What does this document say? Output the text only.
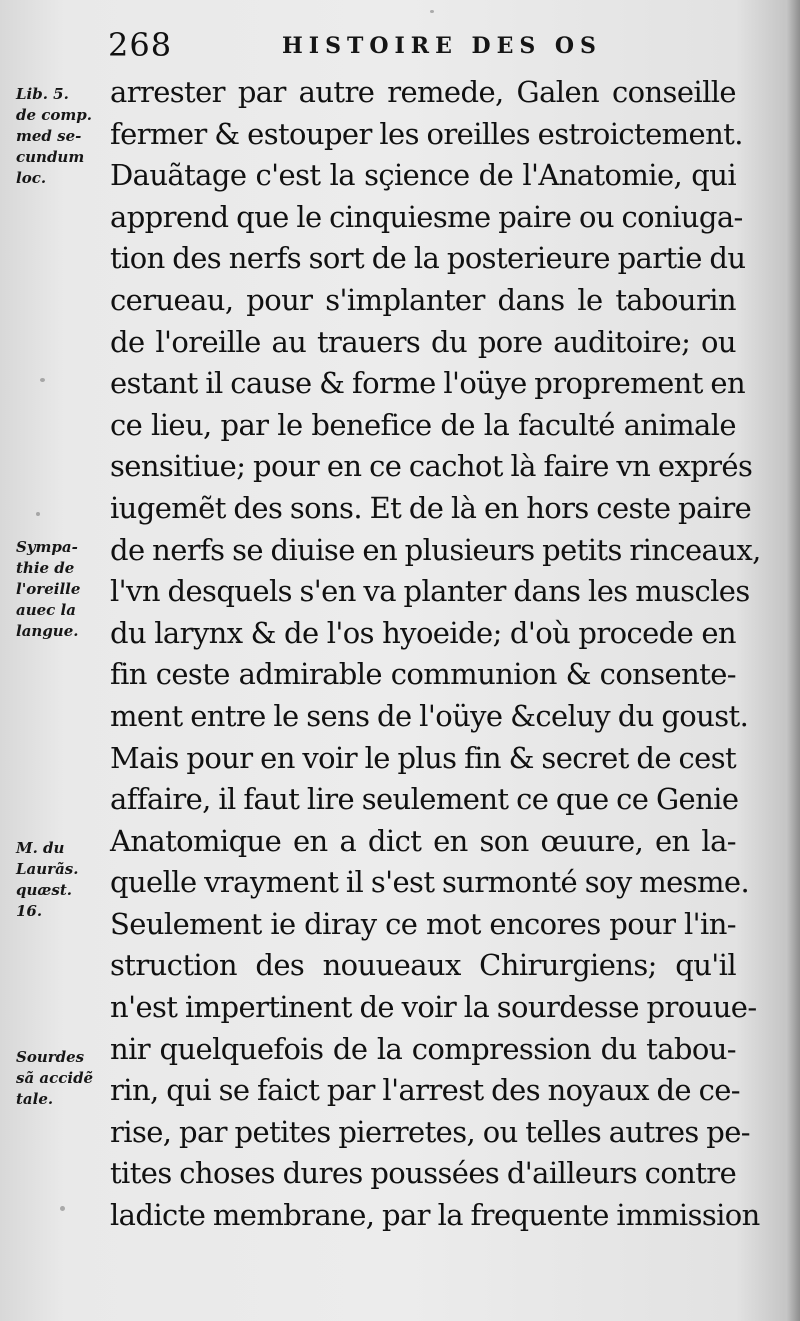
268	HISTOIRE DES OS
arrester par autre remede, Galen conseille
fermer & estouper les oreilles estroictement.
Dauãtage c'est la sçience de l'Anatomie, qui
apprend que le cinquiesme paire ou coniuga-
tion des nerfs sort de la posterieure partie du
cerueau, pour s'implanter dans le tabourin
de l'oreille au trauers du pore auditoire; ou
estant il cause & forme l'oüye proprement en
ce lieu, par le benefice de la faculté animale
sensitiue; pour en ce cachot là faire vn exprés
iugemẽt des sons. Et de là en hors ceste paire
de nerfs se diuise en plusieurs petits rinceaux,
l'vn desquels s'en va planter dans les muscles
du larynx & de l'os hyoeide; d'où procede en
fin ceste admirable communion & consente-
ment entre le sens de l'oüye &celuy du goust.
Mais pour en voir le plus fin & secret de cest
affaire, il faut lire seulement ce que ce Genie
Anatomique en a dict en son œuure, en la-
quelle vrayment il s'est surmonté soy mesme.
Seulement ie diray ce mot encores pour l'in-
struction des nouueaux Chirurgiens; qu'il
n'est impertinent de voir la sourdesse prouue-
nir quelquefois de la compression du tabou-
rin, qui se faict par l'arrest des noyaux de ce-
rise, par petites pierretes, ou telles autres pe-
tites choses dures poussées d'ailleurs contre
ladicte membrane, par la frequente immission
Lib. 5.
de comp.
med se-
cundum
loc.
Sympa-
thie de
l'oreille
auec la
langue.
M. du
Laurãs.
quæst.
16.
Sourdes
sã accidẽ
tale.
